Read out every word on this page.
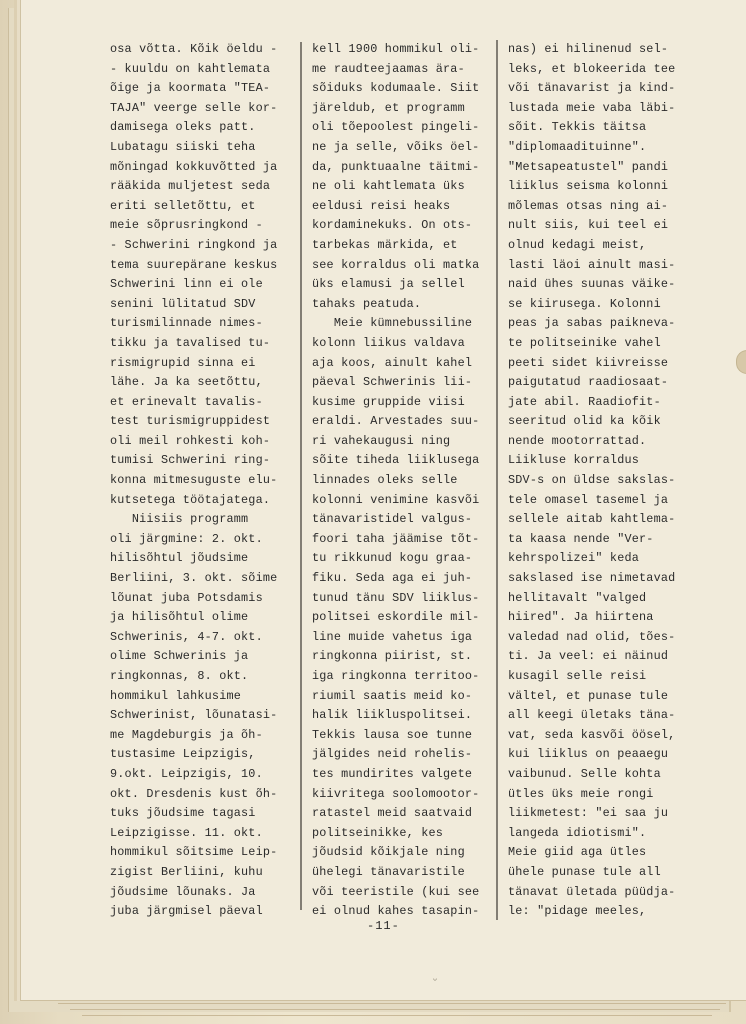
osa võtta. Kõik öeldu -
- kuuldu on kahtlemata
õige ja koormata "TEA-
TAJA" veerge selle kor-
damisega oleks patt.
Lubatagu siiski teha
mõningad kokkuvõtted ja
rääkida muljetest seda
eriti selletõttu, et
meie sõprusringkond -
- Schwerini ringkond ja
tema suurepärane keskus
Schwerini linn ei ole
senini lülitatud SDV
turismilinnade nimes-
tikku ja tavalised tu-
rismigrupid sinna ei
lähe. Ja ka seetõttu,
et erinevalt tavalis-
test turismigruppidest
oli meil rohkesti koh-
tumisi Schwerini ring-
konna mitmesuguste elu-
kutsetega töötajatega.
Niisiis programm
oli järgmine: 2. okt.
hilisõhtul jõudsime
Berliini, 3. okt. sõime
lõunat juba Potsdamis
ja hilisõhtul olime
Schwerinis, 4-7. okt.
olime Schwerinis ja
ringkonnas, 8. okt.
hommikul lahkusime
Schwerinist, lõunatasi-
me Magdeburgis ja õh-
tustasime Leipzigis,
9.okt. Leipzigis, 10.
okt. Dresdenis kust õh-
tuks jõudsime tagasi
Leipzigisse. 11. okt.
hommikul sõitsime Leip-
zigist Berliini, kuhu
jõudsime lõunaks. Ja
juba järgmisel päeval
kell 1900 hommikul oli-
me raudteejaamas ära-
sõiduks kodumaale. Siit
järeldub, et programm
oli tõepoolest pingeli-
ne ja selle, võiks öel-
da, punktuaalne täitmi-
ne oli kahtlemata üks
eeldusi reisi heaks
kordaminekuks. On ots-
tarbekas märkida, et
see korraldus oli matka
üks elamusi ja sellel
tahaks peatuda.
Meie kümnebussiline
kolonn liikus valdava
aja koos, ainult kahel
päeval Schwerinis lii-
kusime gruppide viisi
eraldi. Arvestades suu-
ri vahekaugusi ning
sõite tiheda liiklusega
linnades oleks selle
kolonni venimine kasvõi
tänavaristidel valgus-
foori taha jäämise tõt-
tu rikkunud kogu graa-
fiku. Seda aga ei juh-
tunud tänu SDV liiklus-
politsei eskordile mil-
line muide vahetus iga
ringkonna piirist, st.
iga ringkonna territoo-
riumil saatis meid ko-
halik liikluspolitsei.
Tekkis lausa soe tunne
jälgides neid rohelis-
tes mundirites valgete
kiivritega soolomootor-
ratastel meid saatvaid
politseinikke, kes
jõudsid kõikjale ning
ühelegi tänavaristile
või teeristile (kui see
ei olnud kahes tasapin-
nas) ei hilinenud sel-
leks, et blokeerida tee
või tänavarist ja kind-
lustada meie vaba läbi-
sõit. Tekkis täitsa
"diplomaadituinne".
"Metsapeatustel" pandi
liiklus seisma kolonni
mõlemas otsas ning ai-
nult siis, kui teel ei
olnud kedagi meist,
lasti läoi ainult masi-
naid ühes suunas väike-
se kiirusega. Kolonni
peas ja sabas paikneva-
te politseinike vahel
peeti sidet kiivreisse
paigutatud raadiosaat-
jate abil. Raadiofit-
seeritud olid ka kõik
nende mootorrattad.
Liikluse korraldus
SDV-s on üldse sakslas-
tele omasel tasemel ja
sellele aitab kahtlema-
ta kaasa nende "Ver-
kehrspolizei" keda
sakslased ise nimetavad
hellitavalt "valged
hiired". Ja hiirtena
valedad nad olid, tões-
ti. Ja veel: ei näinud
kusagil selle reisi
vältel, et punase tule
all keegi ületaks tänа-
vat, seda kasvõi öösel,
kui liiklus on peaaegu
vaibunud. Selle kohta
ütles üks meie rongi
liikmetest: "ei saa ju
langeda idiotismi".
Meie giid aga ütles
ühele punase tule all
tänavat ületada püüdja-
le: "pidage meeles,
-11-
ᵕ
